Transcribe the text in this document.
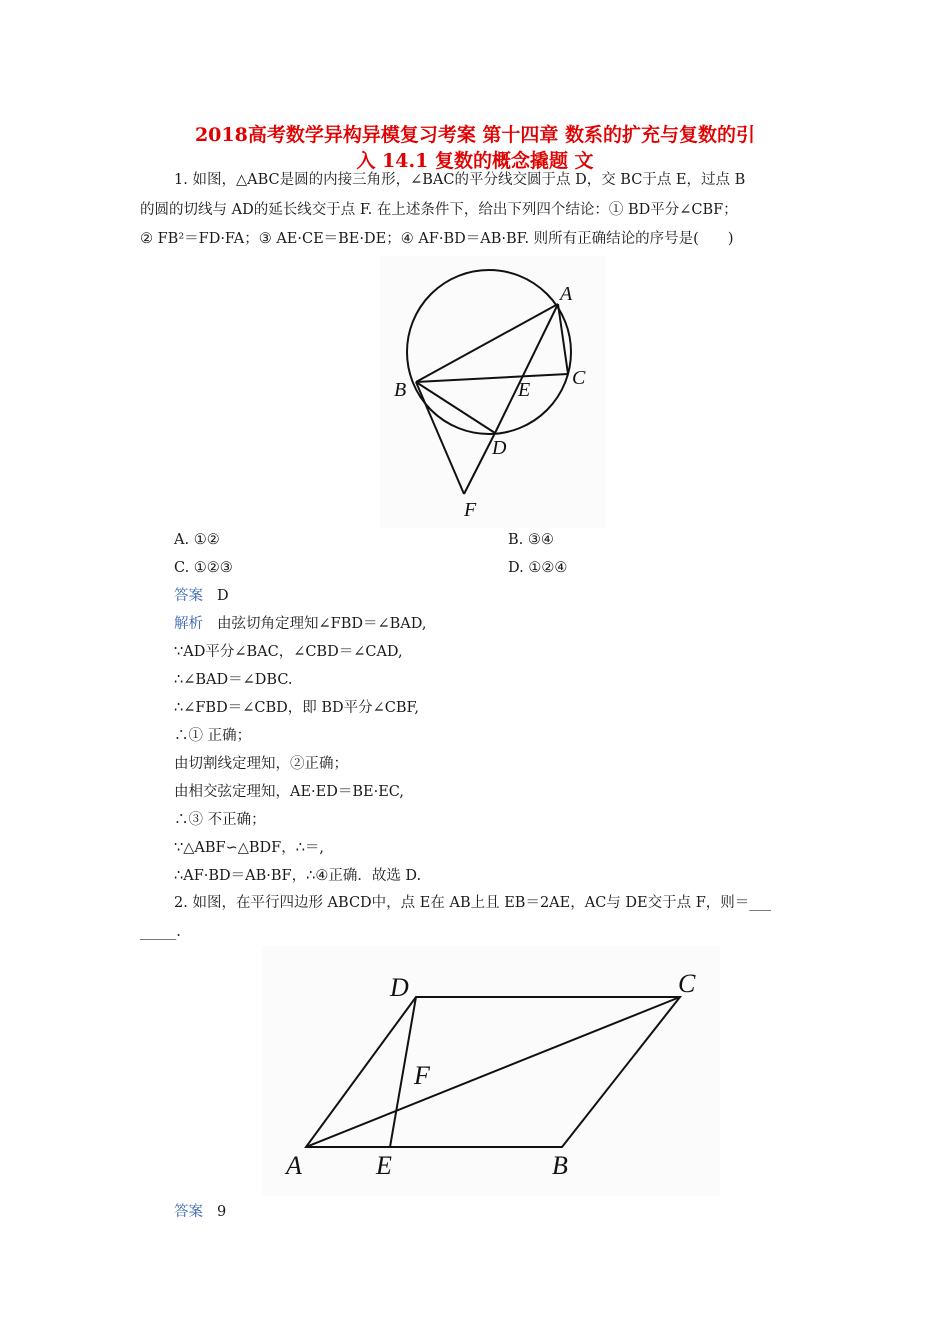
2018高考数学异构异模复习考案 第十四章 数系的扩充与复数的引
入 14.1 复数的概念撬题 文
1. 如图，△ABC是圆的内接三角形，∠BAC的平分线交圆于点 D，交 BC于点 E，过点 B
的圆的切线与 AD的延长线交于点 F. 在上述条件下，给出下列四个结论：① BD平分∠CBF；
② FB²＝FD·FA；③ AE·CE＝BE·DE；④ AF·BD＝AB·BF. 则所有正确结论的序号是(　　)
A
B
C
D
E
F
A. ①②	B. ③④
C. ①②③	D. ①②④
答案 D
解析 由弦切角定理知∠FBD＝∠BAD,
∵AD平分∠BAC，∠CBD＝∠CAD,
∴∠BAD＝∠DBC.
∴∠FBD＝∠CBD，即 BD平分∠CBF,
∴① 正确；
由切割线定理知，②正确；
由相交弦定理知，AE·ED＝BE·EC,
∴③ 不正确；
∵△ABF∽△BDF，∴＝,
∴AF·BD＝AB·BF，∴④正确．故选 D.
2. 如图，在平行四边形 ABCD中，点 E在 AB上且 EB＝2AE，AC与 DE交于点 F，则＝___
_____.
A	B
C
D
E
F
答案 9
